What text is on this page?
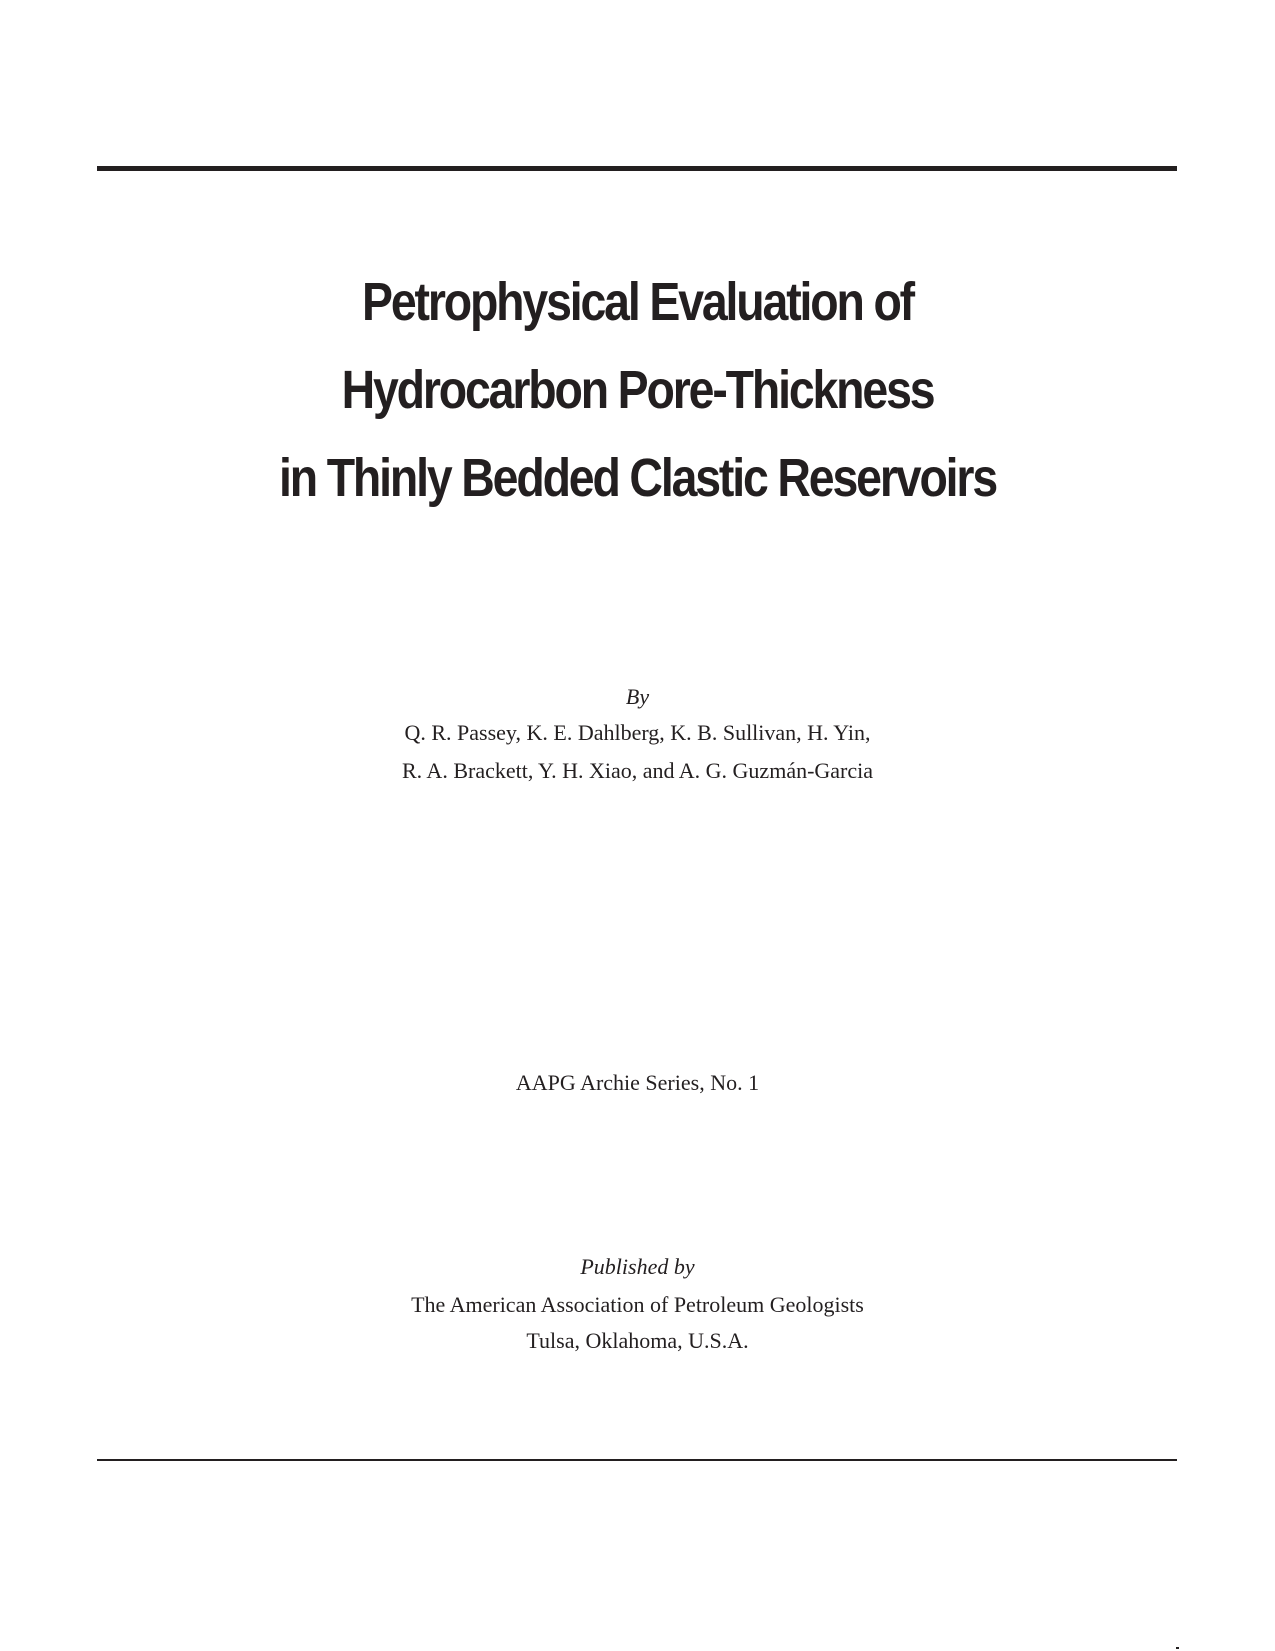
Petrophysical Evaluation of
Hydrocarbon Pore-Thickness
in Thinly Bedded Clastic Reservoirs
By
Q. R. Passey, K. E. Dahlberg, K. B. Sullivan, H. Yin,
R. A. Brackett, Y. H. Xiao, and A. G. Guzmán-Garcia
AAPG Archie Series, No. 1
Published by
The American Association of Petroleum Geologists
Tulsa, Oklahoma, U.S.A.
